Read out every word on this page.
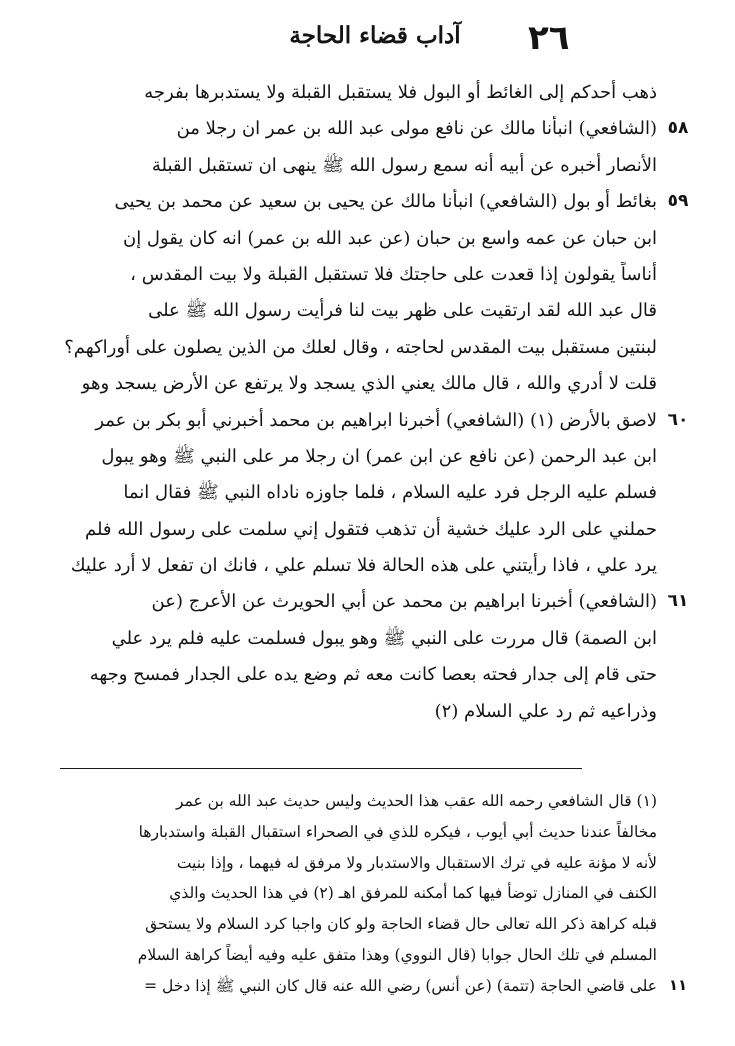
٢٦
آداب قضاء الحاجة
ذهب أحدكم إلى الغائط أو البول فلا يستقبل القبلة ولا يستدبرها بفرجه
٥٨
(الشافعي) انبأنا مالك عن نافع مولى عبد الله بن عمر ان رجلا من
الأنصار أخبره عن أبيه أنه سمع رسول الله ﷺ ينهى ان تستقبل القبلة
٥٩
بغائط أو بول (الشافعي) انبأنا مالك عن يحيى بن سعيد عن محمد بن يحيى
ابن حبان عن عمه واسع بن حبان (عن عبد الله بن عمر) انه كان يقول إن
أناساً يقولون إذا قعدت على حاجتك فلا تستقبل القبلة ولا بيت المقدس ،
قال عبد الله لقد ارتقيت على ظهر بيت لنا فرأيت رسول الله ﷺ على
لبنتين مستقبل بيت المقدس لحاجته ، وقال لعلك من الذين يصلون على أوراكهم؟
قلت لا أدري والله ، قال مالك يعني الذي يسجد ولا يرتفع عن الأرض يسجد وهو
٦٠
لاصق بالأرض (١) (الشافعي) أخبرنا ابراهيم بن محمد أخبرني أبو بكر بن عمر
ابن عبد الرحمن (عن نافع عن ابن عمر) ان رجلا مر على النبي ﷺ وهو يبول
فسلم عليه الرجل فرد عليه السلام ، فلما جاوزه ناداه النبي ﷺ فقال انما
حملني على الرد عليك خشية أن تذهب فتقول إني سلمت على رسول الله فلم
يرد علي ، فاذا رأيتني على هذه الحالة فلا تسلم علي ، فانك ان تفعل لا أرد عليك
٦١
(الشافعي) أخبرنا ابراهيم بن محمد عن أبي الحويرث عن الأعرج (عن
ابن الصمة) قال مررت على النبي ﷺ وهو يبول فسلمت عليه فلم يرد علي
حتى قام إلى جدار فحته بعصا كانت معه ثم وضع يده على الجدار فمسح وجهه
وذراعيه ثم رد علي السلام (٢)
(١) قال الشافعي رحمه الله عقب هذا الحديث وليس حديث عبد الله بن عمر
مخالفاً عندنا حديث أبي أيوب ، فيكره للذي في الصحراء استقبال القبلة واستدبارها
لأنه لا مؤنة عليه في ترك الاستقبال والاستدبار ولا مرفق له فيهما ، وإذا بنيت
الكنف في المنازل توضأ فيها كما أمكنه للمرفق اهـ (٢) في هذا الحديث والذي
قبله كراهة ذكر الله تعالى حال قضاء الحاجة ولو كان واجبا كرد السلام ولا يستحق
المسلم في تلك الحال جوابا (قال النووي) وهذا متفق عليه وفيه أيضاً كراهة السلام
١١
على قاضي الحاجة (تتمة) (عن أنس) رضي الله عنه قال كان النبي ﷺ إذا دخل =
